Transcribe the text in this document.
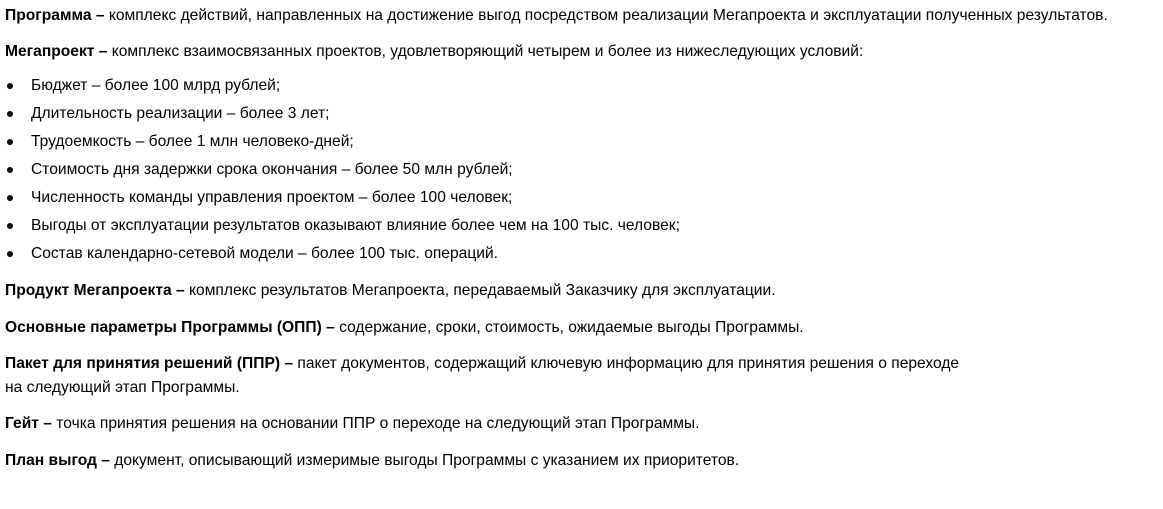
Программа – комплекс действий, направленных на достижение выгод посредством реализации Мегапроекта и эксплуатации полученных результатов.

Мегапроект – комплекс взаимосвязанных проектов, удовлетворяющий четырем и более из нижеследующих условий:

Бюджет – более 100 млрд рублей;
Длительность реализации – более 3 лет;
Трудоемкость – более 1 млн человеко-дней;
Стоимость дня задержки срока окончания – более 50 млн рублей;
Численность команды управления проектом – более 100 человек;
Выгоды от эксплуатации результатов оказывают влияние более чем на 100 тыс. человек;
Состав календарно-сетевой модели – более 100 тыс. операций.

Продукт Мегапроекта – комплекс результатов Мегапроекта, передаваемый Заказчику для эксплуатации.

Основные параметры Программы (ОПП) – содержание, сроки, стоимость, ожидаемые выгоды Программы.

Пакет для принятия решений (ППР) – пакет документов, содержащий ключевую информацию для принятия решения о переходе
на следующий этап Программы.

Гейт – точка принятия решения на основании ППР о переходе на следующий этап Программы.

План выгод – документ, описывающий измеримые выгоды Программы с указанием их приоритетов.
